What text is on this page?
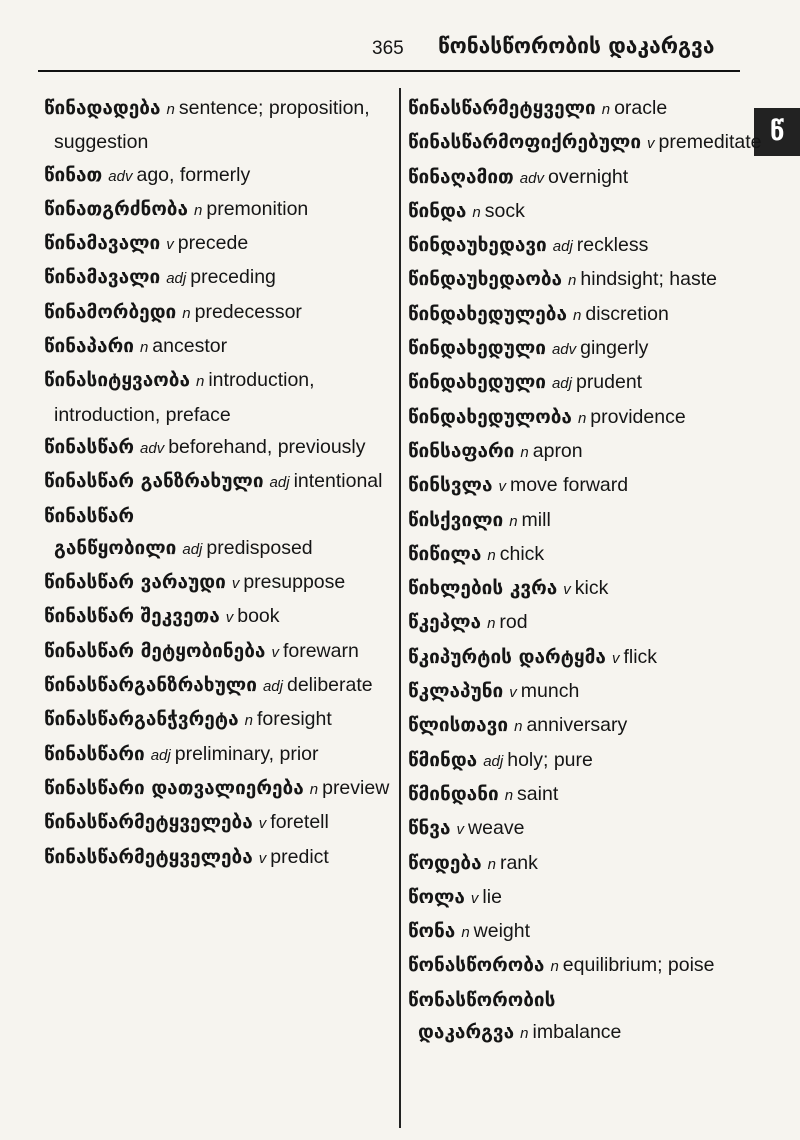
365 წონასწორობის დაკარგვა
წ
წინადადება n sentence; proposition, suggestion
წინათ adv ago, formerly
წინათგრძნობა n premonition
წინამავალი v precede
წინამავალი adj preceding
წინამორბედი n predecessor
წინაპარი n ancestor
წინასიტყვაობა n introduction, introduction, preface
წინასწარ adv beforehand, previously
წინასწარ განზრახული adj intentional
წინასწარ განწყობილი adj predisposed
წინასწარ ვარაუდი v presuppose
წინასწარ შეკვეთა v book
წინასწარ მეტყობინება v forewarn
წინასწარგანზრახული adj deliberate
წინასწარგანჭვრეტა n foresight
წინასწარი adj preliminary, prior
წინასწარი დათვალიერება n preview
წინასწარმეტყველება v foretell
წინასწარმეტყველება v predict
წინასწარმეტყველი n oracle
წინასწარმოფიქრებული v premeditate
წინაღამით adv overnight
წინდა n sock
წინდაუხედავი adj reckless
წინდაუხედაობა n hindsight; haste
წინდახედულება n discretion
წინდახედული adv gingerly
წინდახედული adj prudent
წინდახედულობა n providence
წინსაფარი n apron
წინსვლა v move forward
წისქვილი n mill
წიწილა n chick
წიხლების კვრა v kick
წკეპლა n rod
წკიპურტის დარტყმა v flick
წკლაპუნი v munch
წლისთავი n anniversary
წმინდა adj holy; pure
წმინდანი n saint
წნვა v weave
წოდება n rank
წოლა v lie
წონა n weight
წონასწორობა n equilibrium; poise
წონასწორობის დაკარგვა n imbalance
